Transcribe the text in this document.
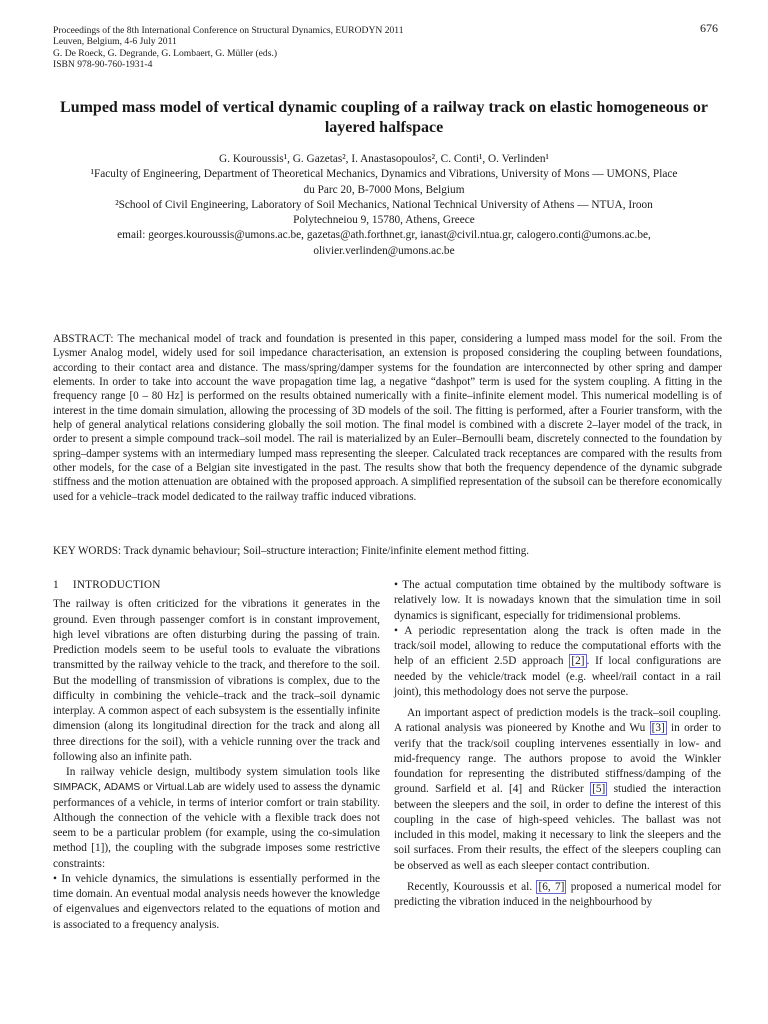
Proceedings of the 8th International Conference on Structural Dynamics, EURODYN 2011
Leuven, Belgium, 4-6 July 2011
G. De Roeck, G. Degrande, G. Lombaert, G. Müller (eds.)
ISBN 978-90-760-1931-4
676
Lumped mass model of vertical dynamic coupling of a railway track on elastic homogeneous or layered halfspace
G. Kouroussis¹, G. Gazetas², I. Anastasopoulos², C. Conti¹, O. Verlinden¹
¹Faculty of Engineering, Department of Theoretical Mechanics, Dynamics and Vibrations, University of Mons — UMONS, Place
du Parc 20, B-7000 Mons, Belgium
²School of Civil Engineering, Laboratory of Soil Mechanics, National Technical University of Athens — NTUA, Iroon
Polytechneiou 9, 15780, Athens, Greece
email: georges.kouroussis@umons.ac.be, gazetas@ath.forthnet.gr, ianast@civil.ntua.gr, calogero.conti@umons.ac.be,
olivier.verlinden@umons.ac.be

ABSTRACT: The mechanical model of track and foundation is presented in this paper, considering a lumped mass model for the soil. From the Lysmer Analog model, widely used for soil impedance characterisation, an extension is proposed considering the coupling between foundations, according to their contact area and distance. The mass/spring/damper systems for the foundation are interconnected by other spring and damper elements. In order to take into account the wave propagation time lag, a negative “dashpot” term is used for the system coupling. A fitting in the frequency range [0 – 80 Hz] is performed on the results obtained numerically with a finite–infinite element model. This numerical modelling is of interest in the time domain simulation, allowing the processing of 3D models of the soil. The fitting is performed, after a Fourier transform, with the help of general analytical relations considering globally the soil motion. The final model is combined with a discrete 2–layer model of the track, in order to present a simple compound track–soil model. The rail is materialized by an Euler–Bernoulli beam, discretely connected to the foundation by spring–damper systems with an intermediary lumped mass representing the sleeper. Calculated track receptances are compared with the results from other models, for the case of a Belgian site investigated in the past. The results show that both the frequency dependence of the dynamic subgrade stiffness and the motion attenuation are obtained with the proposed approach. A simplified representation of the subsoil can be therefore economically used for a vehicle–track model dedicated to the railway traffic induced vibrations.

KEY WORDS: Track dynamic behaviour; Soil–structure interaction; Finite/infinite element method fitting.

1 INTRODUCTION

The railway is often criticized for the vibrations it generates in the ground. Even through passenger comfort is in constant improvement, high level vibrations are often disturbing during the passing of train. Prediction models seem to be useful tools to evaluate the vibrations transmitted by the railway vehicle to the track, and therefore to the soil. But the modelling of transmission of vibrations is complex, due to the difficulty in combining the vehicle–track and the track–soil dynamic interplay. A common aspect of each subsystem is the essentially infinite dimension (along its longitudinal direction for the track and along all three directions for the soil), with a vehicle running over the track and following also an infinite path.

In railway vehicle design, multibody system simulation tools like SIMPACK, ADAMS or Virtual.Lab are widely used to assess the dynamic performances of a vehicle, in terms of interior comfort or train stability. Although the connection of the vehicle with a flexible track does not seem to be a particular problem (for example, using the co-simulation method [1]), the coupling with the subgrade imposes some restrictive constraints:

• In vehicle dynamics, the simulations is essentially performed in the time domain. An eventual modal analysis needs however the knowledge of eigenvalues and eigenvectors related to the equations of motion and is associated to a frequency analysis.

• The actual computation time obtained by the multibody software is relatively low. It is nowadays known that the simulation time in soil dynamics is significant, especially for tridimensional problems.

• A periodic representation along the track is often made in the track/soil model, allowing to reduce the computational efforts with the help of an efficient 2.5D approach [2] . If local configurations are needed by the vehicle/track model (e.g. wheel/rail contact in a rail joint), this methodology does not serve the purpose.

An important aspect of prediction models is the track–soil coupling. A rational analysis was pioneered by Knothe and Wu [3] in order to verify that the track/soil coupling intervenes essentially in low- and mid-frequency range. The authors propose to avoid the Winkler foundation for representing the distributed stiffness/damping of the ground. Sarfield et al. [4] and Rücker [5] studied the interaction between the sleepers and the soil, in order to define the interest of this coupling in the case of high-speed vehicles. The ballast was not included in this model, making it necessary to link the sleepers and the soil surfaces. From their results, the effect of the sleepers coupling can be observed as well as each sleeper contact contribution.

Recently, Kouroussis et al. [6, 7] proposed a numerical model for predicting the vibration induced in the neighbourhood by
